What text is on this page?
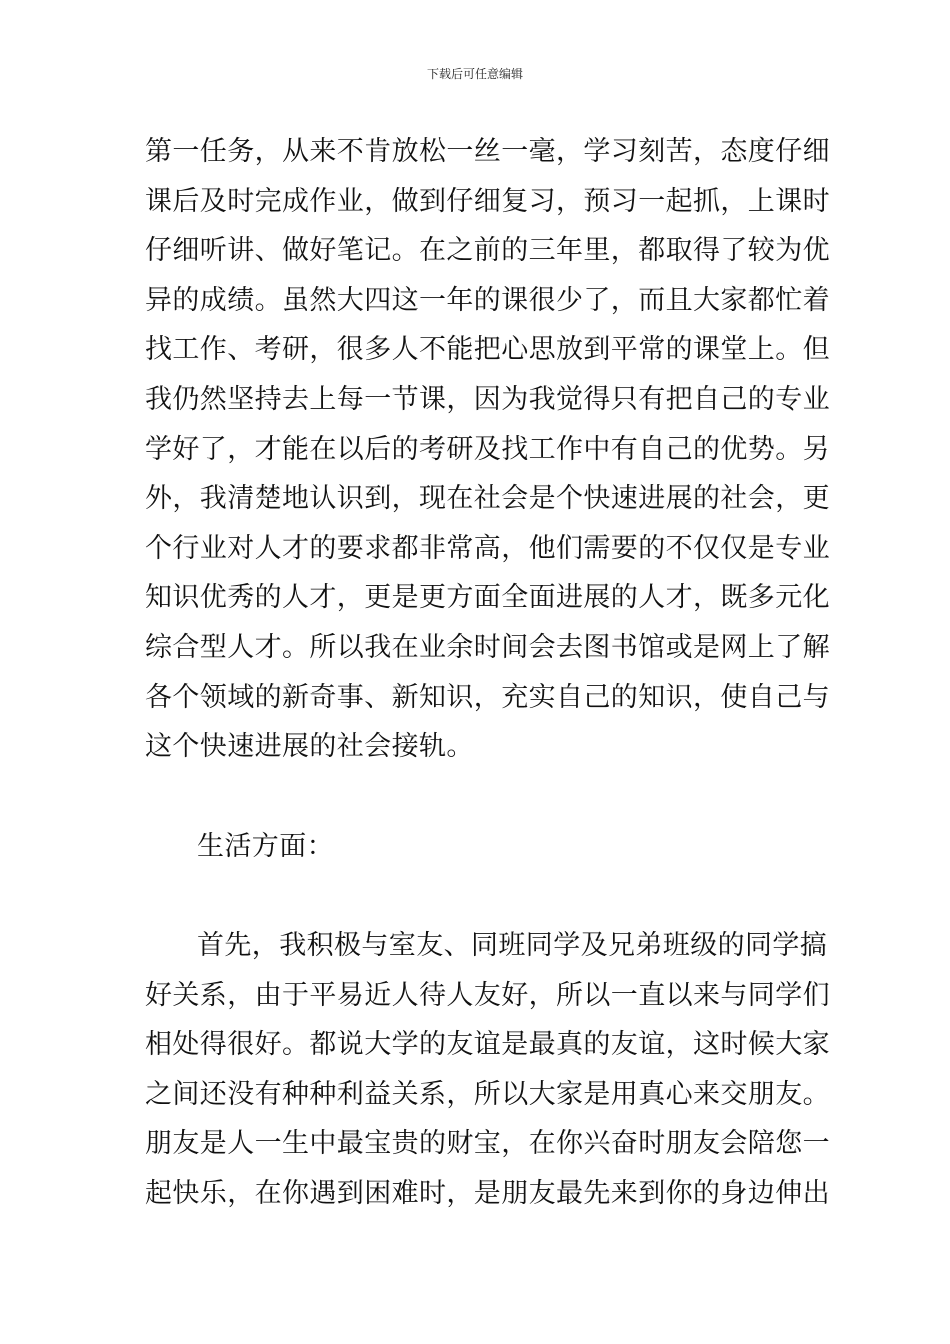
下载后可任意编辑
第一任务，从来不肯放松一丝一毫，学习刻苦，态度仔细
课后及时完成作业，做到仔细复习，预习一起抓，上课时
仔细听讲、做好笔记。在之前的三年里，都取得了较为优
异的成绩。虽然大四这一年的课很少了，而且大家都忙着
找工作、考研，很多人不能把心思放到平常的课堂上。但
我仍然坚持去上每一节课，因为我觉得只有把自己的专业
学好了，才能在以后的考研及找工作中有自己的优势。另
外，我清楚地认识到，现在社会是个快速进展的社会，更
个行业对人才的要求都非常高，他们需要的不仅仅是专业
知识优秀的人才，更是更方面全面进展的人才，既多元化
综合型人才。所以我在业余时间会去图书馆或是网上了解
各个领域的新奇事、新知识，充实自己的知识，使自己与
这个快速进展的社会接轨。
生活方面：
首先，我积极与室友、同班同学及兄弟班级的同学搞
好关系，由于平易近人待人友好，所以一直以来与同学们
相处得很好。都说大学的友谊是最真的友谊，这时候大家
之间还没有种种利益关系，所以大家是用真心来交朋友。
朋友是人一生中最宝贵的财宝，在你兴奋时朋友会陪您一
起快乐，在你遇到困难时，是朋友最先来到你的身边伸出
